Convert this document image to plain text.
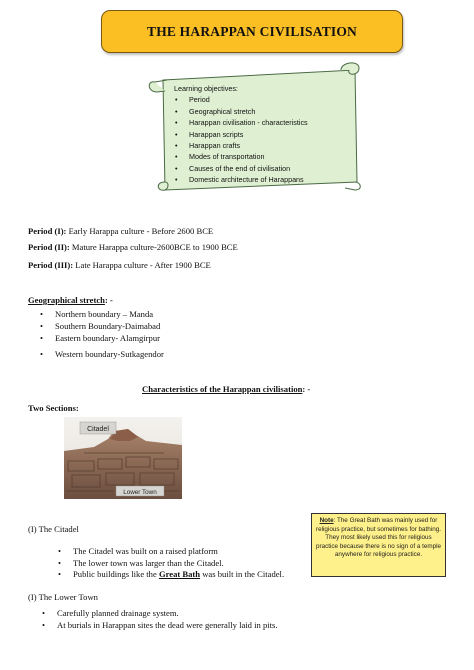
THE HARAPPAN CIVILISATION
Learning objectives:
• Period
• Geographical stretch
• Harappan civilisation - characteristics
• Harappan scripts
• Harappan crafts
• Modes of transportation
• Causes of the end of civilisation
• Domestic architecture of Harappans
Period (I): Early Harappa culture - Before 2600 BCE
Period (II): Mature Harappa culture-2600BCE to 1900 BCE
Period (III): Late Harappa culture - After 1900 BCE
Geographical stretch: -
• Northern boundary – Manda
• Southern Boundary-Daimabad
• Eastern boundary- Alamgirpur
• Western boundary-Sutkagendor
Characteristics of the Harappan civilisation: -
Two Sections:
Citadel
Lower Town
Note: The Great Bath was mainly used for religious practice, but sometimes for bathing. They most likely used this for religious practice because there is no sign of a temple anywhere for religious practice.
(I) The Citadel
• The Citadel was built on a raised platform
• The lower town was larger than the Citadel.
• Public buildings like the Great Bath was built in the Citadel.
(I) The Lower Town
• Carefully planned drainage system.
• At burials in Harappan sites the dead were generally laid in pits.
